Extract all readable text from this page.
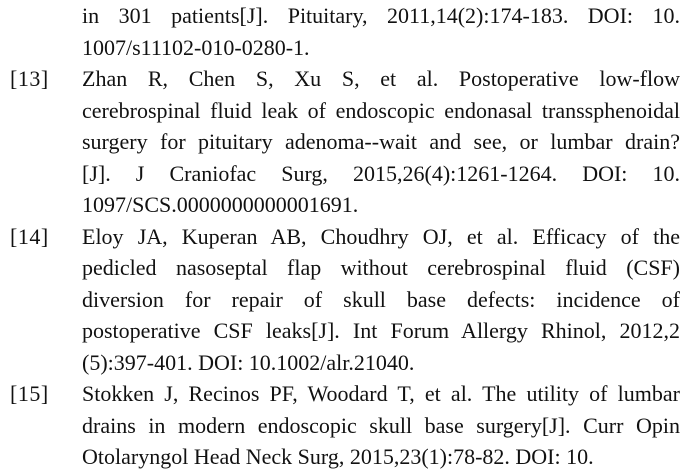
in 301 patients[J]. Pituitary, 2011,14(2):174-183. DOI: 10.
1007/s11102-010-0280-1.
[13] Zhan R, Chen S, Xu S, et al. Postoperative low-flow
cerebrospinal fluid leak of endoscopic endonasal transsphenoidal
surgery for pituitary adenoma--wait and see, or lumbar drain?
[J]. J Craniofac Surg, 2015,26(4):1261-1264. DOI: 10.
1097/SCS.0000000000001691.
[14] Eloy JA, Kuperan AB, Choudhry OJ, et al. Efficacy of the
pedicled nasoseptal flap without cerebrospinal fluid (CSF)
diversion for repair of skull base defects: incidence of
postoperative CSF leaks[J]. Int Forum Allergy Rhinol, 2012,2
(5):397-401. DOI: 10.1002/alr.21040.
[15] Stokken J, Recinos PF, Woodard T, et al. The utility of lumbar
drains in modern endoscopic skull base surgery[J]. Curr Opin
Otolaryngol Head Neck Surg, 2015,23(1):78-82. DOI: 10.
